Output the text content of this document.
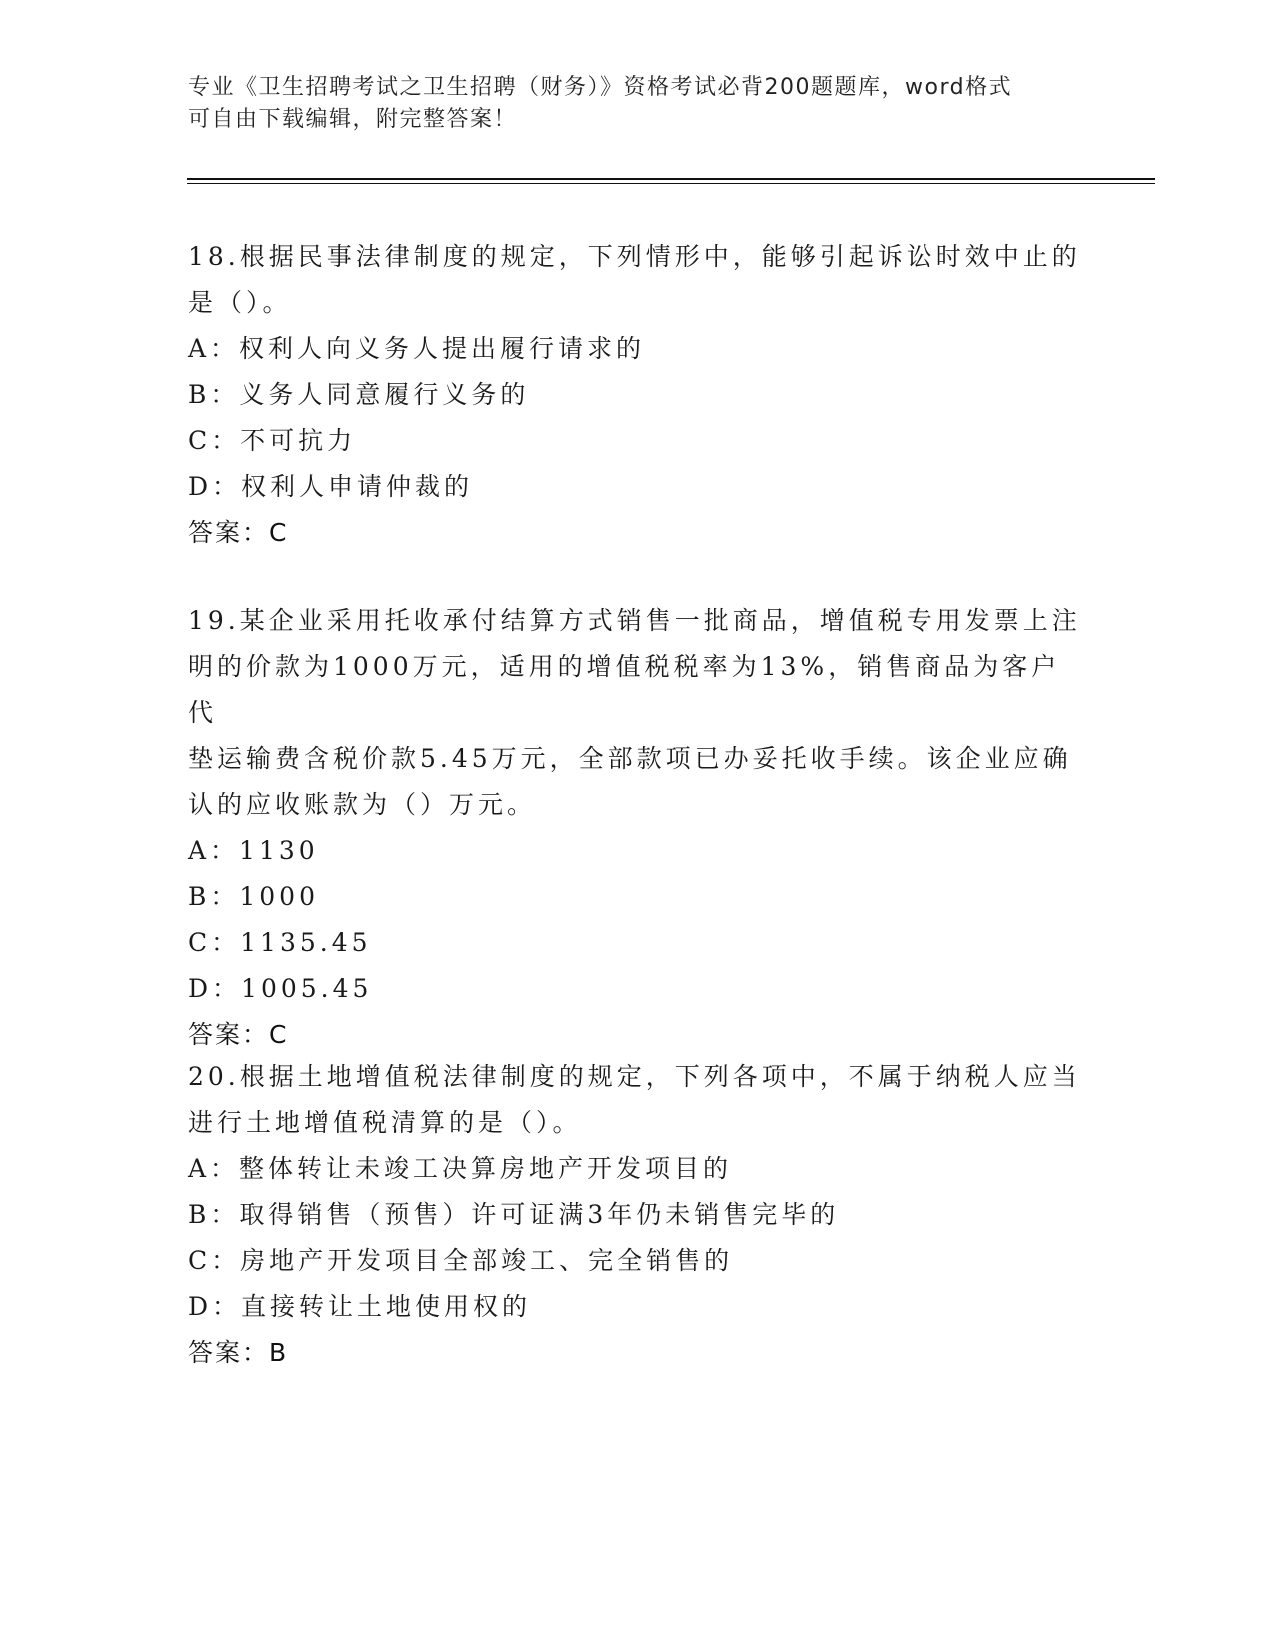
专业《卫生招聘考试之卫生招聘（财务）》资格考试必背200题题库，word格式
可自由下载编辑，附完整答案！

18.根据民事法律制度的规定，下列情形中，能够引起诉讼时效中止的

是（）。

A：权利人向义务人提出履行请求的

B：义务人同意履行义务的

C：不可抗力

D：权利人申请仲裁的

答案：C

19.某企业采用托收承付结算方式销售一批商品，增值税专用发票上注

明的价款为1000万元，适用的增值税税率为13%，销售商品为客户代

垫运输费含税价款5.45万元，全部款项已办妥托收手续。该企业应确

认的应收账款为（）万元。

A：1130

B：1000

C：1135.45

D：1005.45

答案：C

20.根据土地增值税法律制度的规定，下列各项中，不属于纳税人应当

进行土地增值税清算的是（）。

A：整体转让未竣工决算房地产开发项目的

B：取得销售（预售）许可证满3年仍未销售完毕的

C：房地产开发项目全部竣工、完全销售的

D：直接转让土地使用权的

答案：B
